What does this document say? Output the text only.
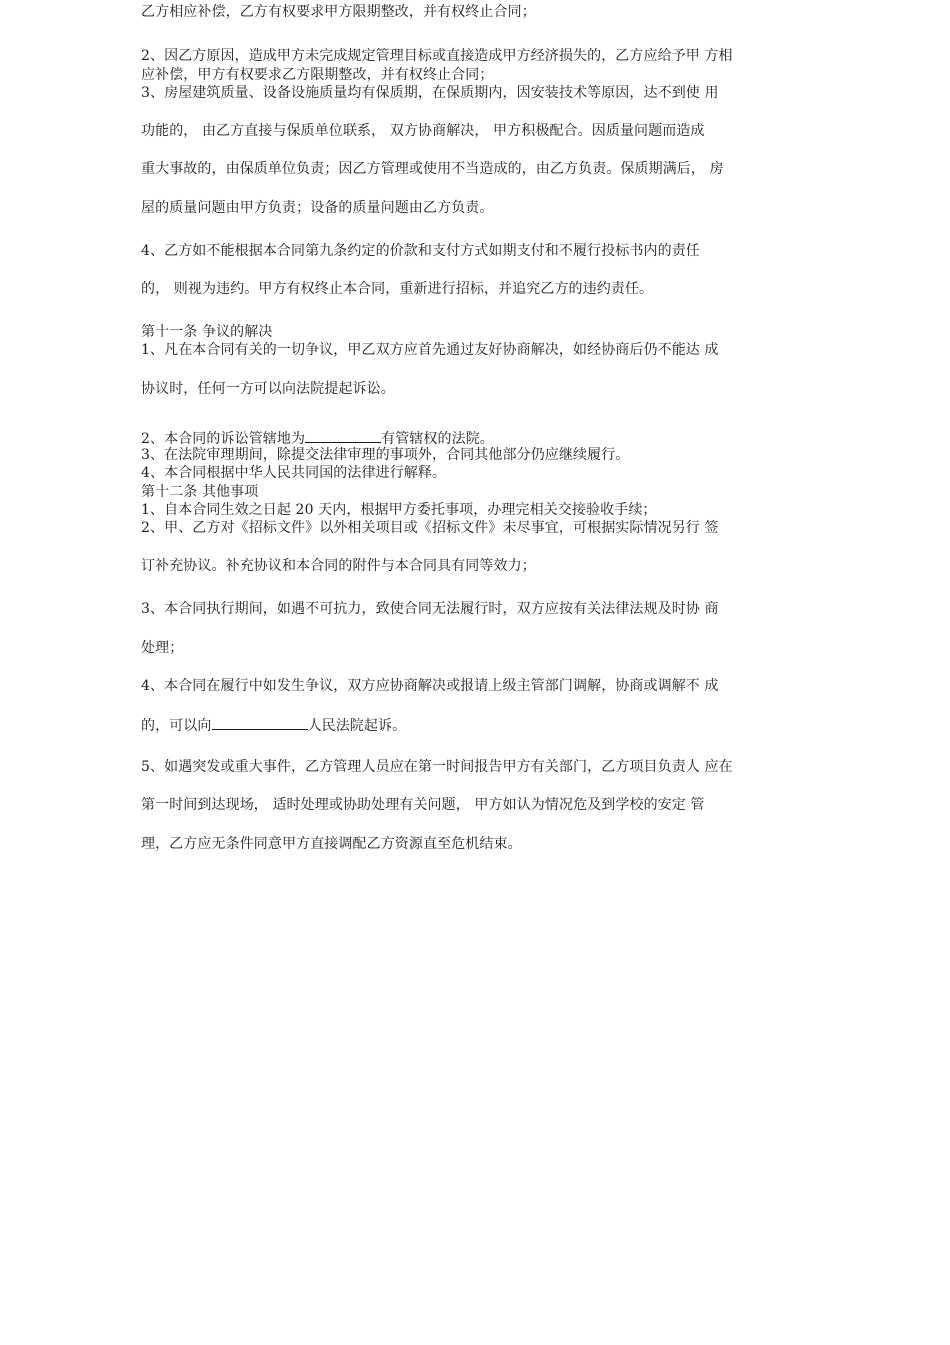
乙方相应补偿，乙方有权要求甲方限期整改，并有权终止合同；
2、因乙方原因，造成甲方未完成规定管理目标或直接造成甲方经济损失的，乙方应给予甲 方相
应补偿，甲方有权要求乙方限期整改，并有权终止合同；
3、房屋建筑质量、设备设施质量均有保质期，在保质期内，因安装技术等原因，达不到使 用
功能的， 由乙方直接与保质单位联系， 双方协商解决， 甲方积极配合。因质量问题而造成
重大事故的，由保质单位负责；因乙方管理或使用不当造成的，由乙方负责。保质期满后， 房
屋的质量问题由甲方负责；设备的质量问题由乙方负责。
4、乙方如不能根据本合同第九条约定的价款和支付方式如期支付和不履行投标书内的责任
的， 则视为违约。甲方有权终止本合同，重新进行招标，并追究乙方的违约责任。
第十一条 争议的解决
1、凡在本合同有关的一切争议，甲乙双方应首先通过友好协商解决，如经协商后仍不能达 成
协议时，任何一方可以向法院提起诉讼。
2、本合同的诉讼管辖地为	有管辖权的法院。
3、在法院审理期间，除提交法律审理的事项外，合同其他部分仍应继续履行。
4、本合同根据中华人民共同国的法律进行解释。
第十二条 其他事项
1、自本合同生效之日起 20 天内，根据甲方委托事项，办理完相关交接验收手续；
2、甲、乙方对《招标文件》以外相关项目或《招标文件》未尽事宜，可根据实际情况另行 签
订补充协议。补充协议和本合同的附件与本合同具有同等效力；
3、本合同执行期间，如遇不可抗力，致使合同无法履行时，双方应按有关法律法规及时协 商
处理；
4、本合同在履行中如发生争议，双方应协商解决或报请上级主管部门调解，协商或调解不 成
的，可以向	人民法院起诉。
5、如遇突发或重大事件，乙方管理人员应在第一时间报告甲方有关部门，乙方项目负责人 应在
第一时间到达现场， 适时处理或协助处理有关问题， 甲方如认为情况危及到学校的安定 管
理，乙方应无条件同意甲方直接调配乙方资源直至危机结束。
